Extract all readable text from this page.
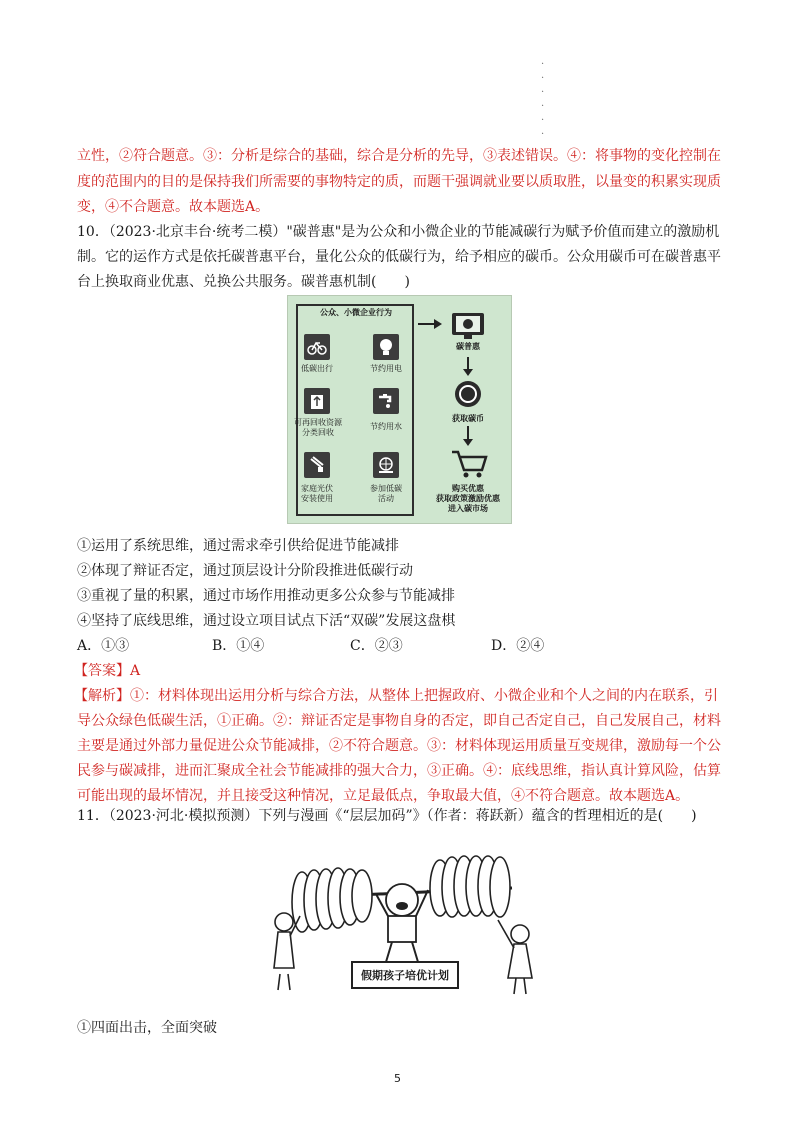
·
·
·
·
·
·
立性，②符合题意。③：分析是综合的基础，综合是分析的先导，③表述错误。④：将事物的变化控制在
度的范围内的目的是保持我们所需要的事物特定的质，而题干强调就业要以质取胜，以量变的积累实现质
变，④不合题意。故本题选A。
10．（2023·北京丰台·统考二模）"碳普惠"是为公众和小微企业的节能减碳行为赋予价值而建立的激励机
制。它的运作方式是依托碳普惠平台，量化公众的低碳行为，给予相应的碳币。公众用碳币可在碳普惠平
台上换取商业优惠、兑换公共服务。碳普惠机制(　　)
公众、小微企业行为
低碳出行	节约用电
可再回收资源
分类回收
节约用水
家庭光伏
安装使用
参加低碳
活动
碳普惠
获取碳币
购买优惠
获取政策激励优惠
进入碳市场
①运用了系统思维，通过需求牵引供给促进节能减排
②体现了辩证否定，通过顶层设计分阶段推进低碳行动
③重视了量的积累，通过市场作用推动更多公众参与节能减排
④坚持了底线思维，通过设立项目试点下活“双碳”发展这盘棋
A．①③	B．①④	C．②③	D．②④
【答案】A
【解析】①：材料体现出运用分析与综合方法，从整体上把握政府、小微企业和个人之间的内在联系，引
导公众绿色低碳生活，①正确。②：辩证否定是事物自身的否定，即自己否定自己，自己发展自己，材料
主要是通过外部力量促进公众节能减排，②不符合题意。③：材料体现运用质量互变规律，激励每一个公
民参与碳减排，进而汇聚成全社会节能减排的强大合力，③正确。④：底线思维，指认真计算风险，估算
可能出现的最坏情况，并且接受这种情况，立足最低点，争取最大值，④不符合题意。故本题选A。
11．（2023·河北·模拟预测）下列与漫画《“层层加码”》（作者：蒋跃新）蕴含的哲理相近的是(　　)
假期孩子培优计划
①四面出击，全面突破
5
